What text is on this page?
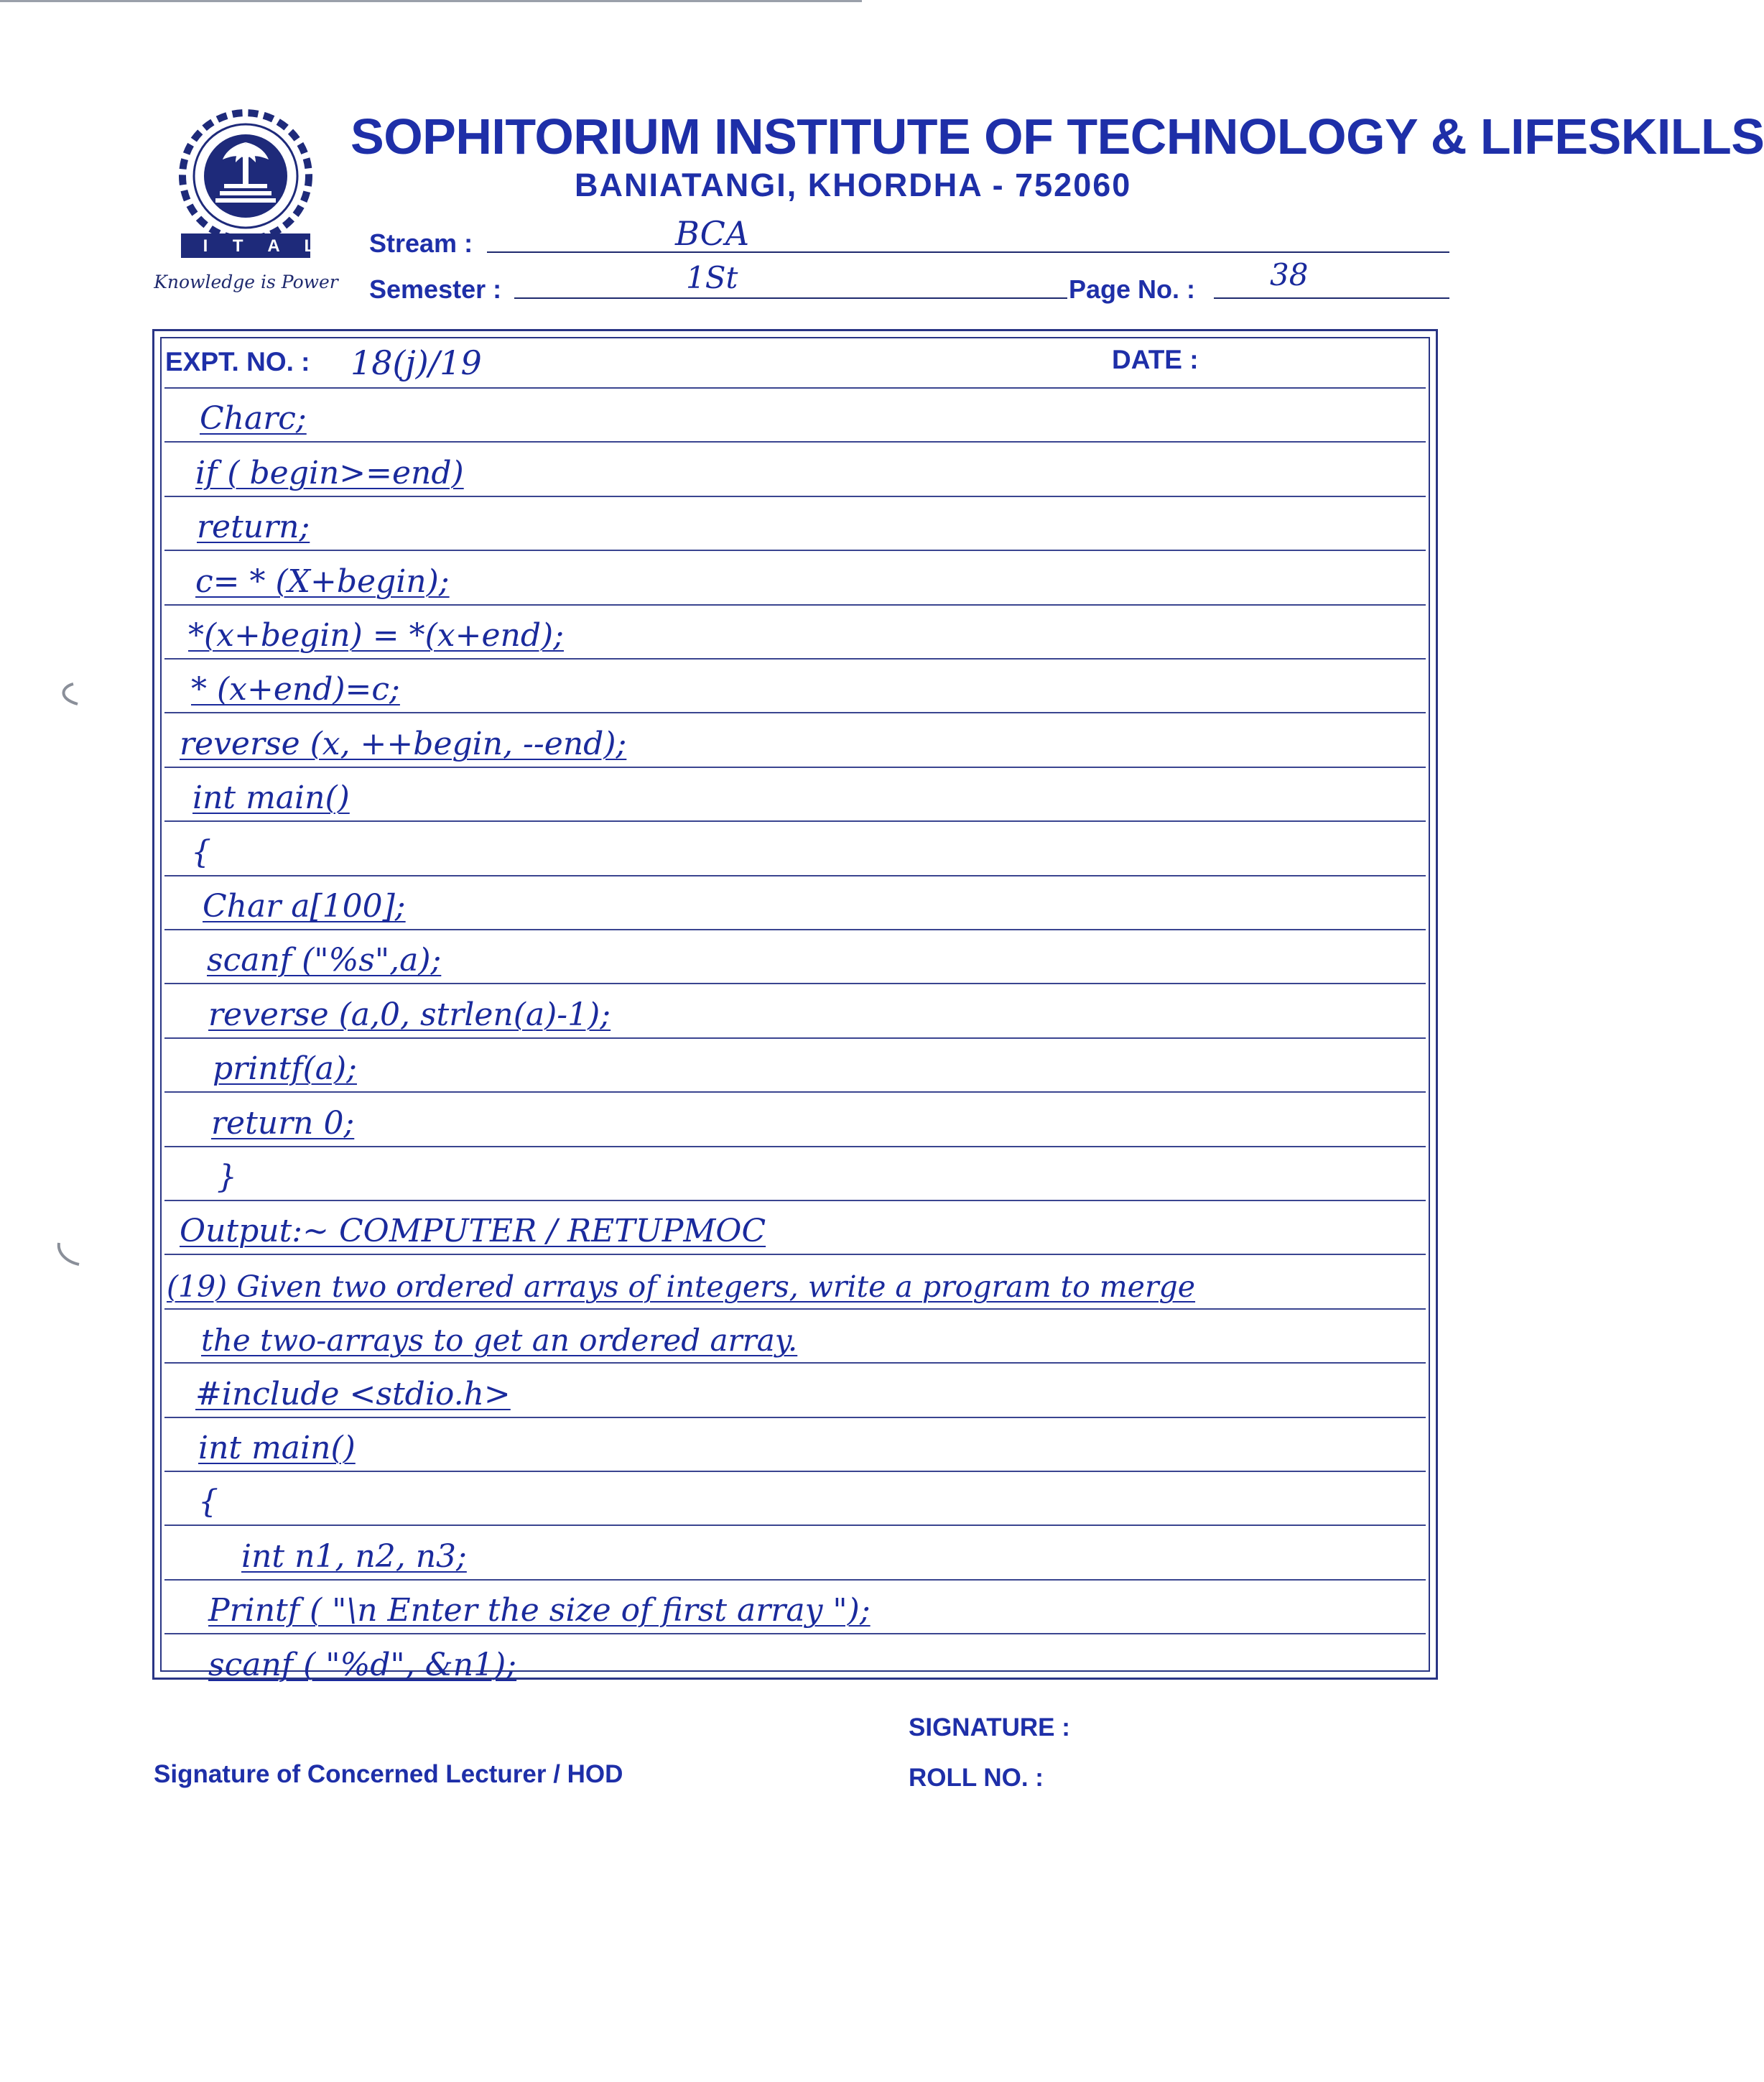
S I T A L
Knowledge is Power
SOPHITORIUM INSTITUTE OF TECHNOLOGY & LIFESKILLS
BANIATANGI, KHORDHA - 752060
Stream :	BCA
Semester :	1St	Page No. : 38
EXPT. NO. : 18(j)/19	DATE :
Charc;
if ( begin>=end)
return;
c= * (X+begin);
*(x+begin) = *(x+end);
* (x+end)=c;
reverse (x, ++begin, --end);
int main()
{
Char a[100];
scanf ("%s",a);
reverse (a,0, strlen(a)-1);
printf(a);
return 0;
}
Output:~ COMPUTER / RETUPMOC
(19) Given two ordered arrays of integers, write a program to merge
the two-arrays to get an ordered array.
#include <stdio.h>
int main()
{
int n1, n2, n3;
Printf ( "\n Enter the size of first array ");
scanf ( "%d", &n1);
SIGNATURE :
Signature of Concerned Lecturer / HOD	ROLL NO. :
